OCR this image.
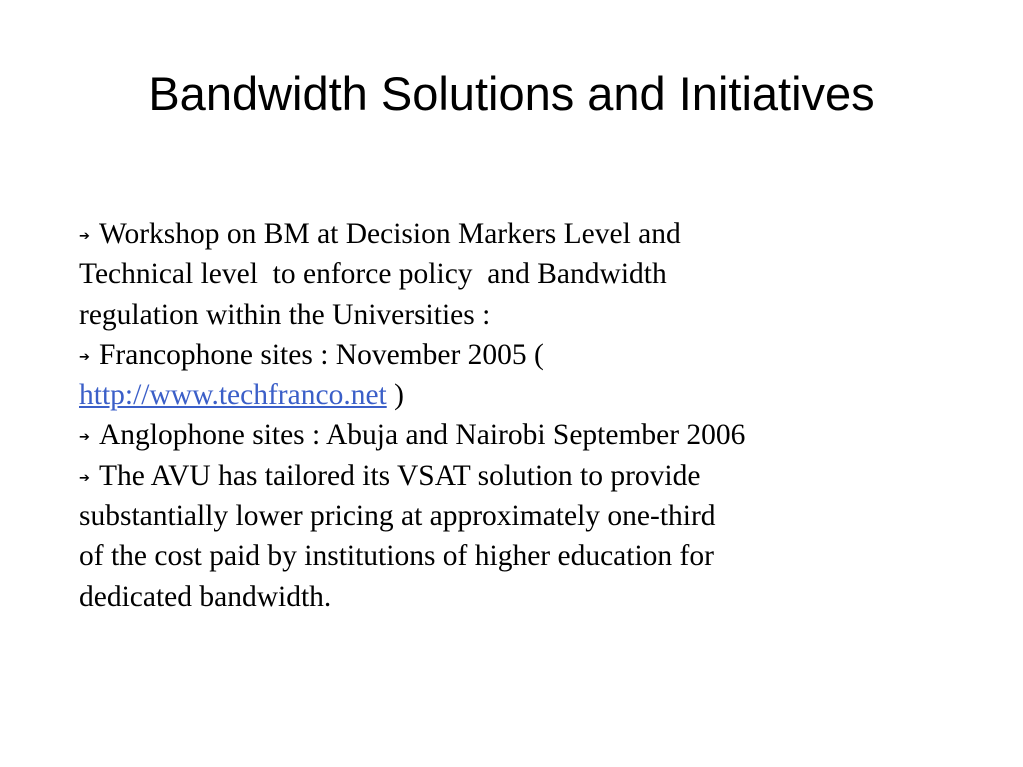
Bandwidth Solutions and Initiatives
➔ Workshop on BM at Decision Markers Level and
Technical level  to enforce policy  and Bandwidth
regulation within the Universities :
➔ Francophone sites : November 2005 (
http://www.techfranco.net )
➔ Anglophone sites : Abuja and Nairobi September 2006
➔ The AVU has tailored its VSAT solution to provide
substantially lower pricing at approximately one-third
of the cost paid by institutions of higher education for
dedicated bandwidth.
